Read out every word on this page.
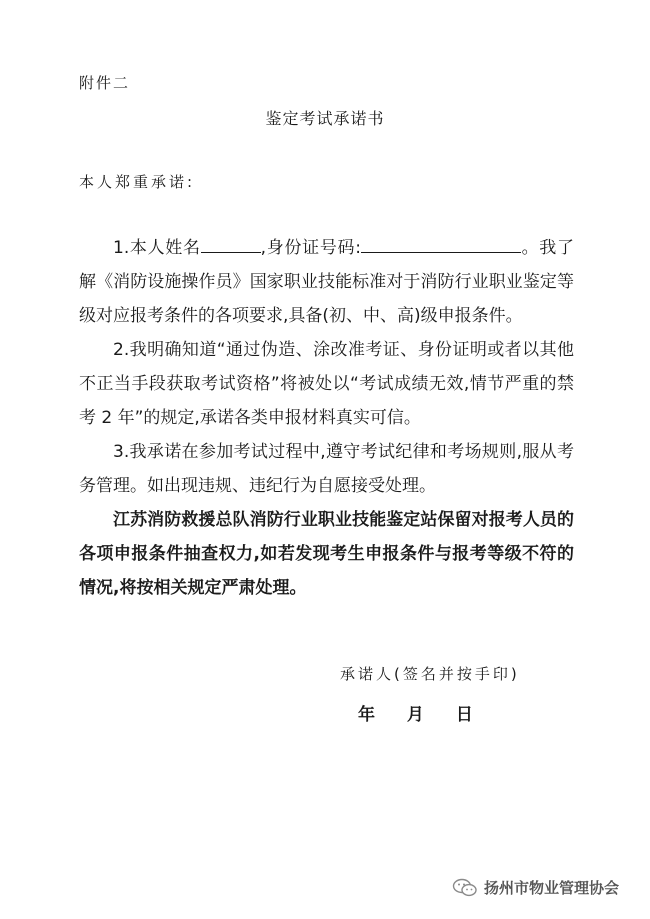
附件二
鉴定考试承诺书
本人郑重承诺:

1.本人姓名	,身份证号码:	。我了解《消防设施操作员》国家职业技能标准对于消防行业职业鉴定等级对应报考条件的各项要求,具备(初、中、高)级申报条件。

2.我明确知道“通过伪造、涂改准考证、身份证明或者以其他不正当手段获取考试资格”将被处以“考试成绩无效,情节严重的禁考 2 年”的规定,承诺各类申报材料真实可信。

3.我承诺在参加考试过程中,遵守考试纪律和考场规则,服从考务管理。如出现违规、违纪行为自愿接受处理。

江苏消防救援总队消防行业职业技能鉴定站保留对报考人员的各项申报条件抽查权力,如若发现考生申报条件与报考等级不符的情况,将按相关规定严肃处理。

承诺人(签名并按手印)
年 月 日
扬州市物业管理协会
